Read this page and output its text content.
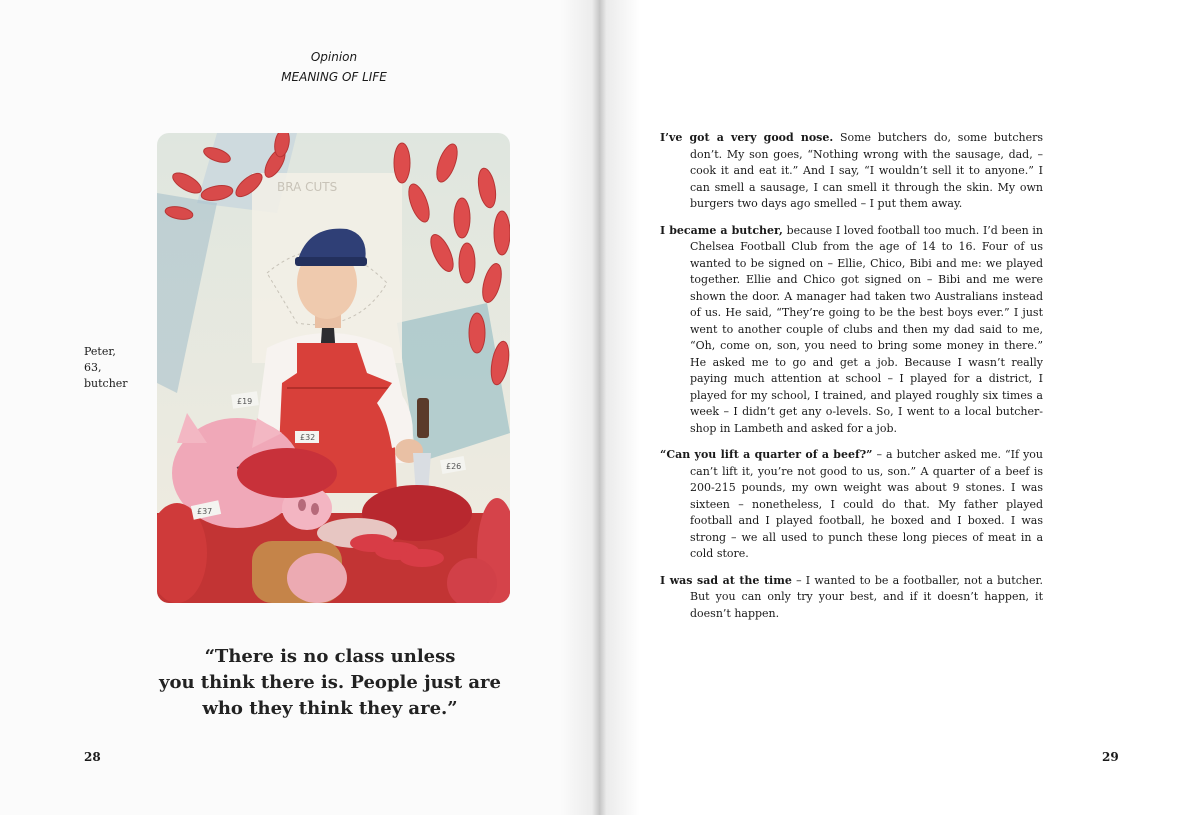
Opinion
MEANING OF LIFE
Peter,
63,
butcher
BRA CUTS
£19
£32
£26
£37
“There is no class unless
you think there is. People just are
who they think they are.”
28	29

I’ve got a very good nose. Some butchers do, some butchers don’t. My son goes, “Nothing wrong with the sausage, dad, – cook it and eat it.” And I say, “I wouldn’t sell it to anyone.” I can smell a sausage, I can smell it through the skin. My own burgers two days ago smelled – I put them away.

I became a butcher, because I loved football too much. I’d been in Chelsea Football Club from the age of 14 to 16. Four of us wanted to be signed on – Ellie, Chico, Bibi and me: we played together. Ellie and Chico got signed on – Bibi and me were shown the door. A manager had taken two Australians instead of us. He said, “They’re going to be the best boys ever.” I just went to another couple of clubs and then my dad said to me, “Oh, come on, son, you need to bring some money in there.” He asked me to go and get a job. Because I wasn’t really paying much attention at school – I played for a district, I played for my school, I trained, and played roughly six times a week – I didn’t get any o-levels. So, I went to a local butcher-shop in Lambeth and asked for a job.

“Can you lift a quarter of a beef?” – a butcher asked me. “If you can’t lift it, you’re not good to us, son.” A quarter of a beef is 200-215 pounds, my own weight was about 9 stones. I was sixteen – nonetheless, I could do that. My father played football and I played football, he boxed and I boxed. I was strong – we all used to punch these long pieces of meat in a cold store.

I was sad at the time – I wanted to be a footballer, not a butcher. But you can only try your best, and if it doesn’t happen, it doesn’t happen.
